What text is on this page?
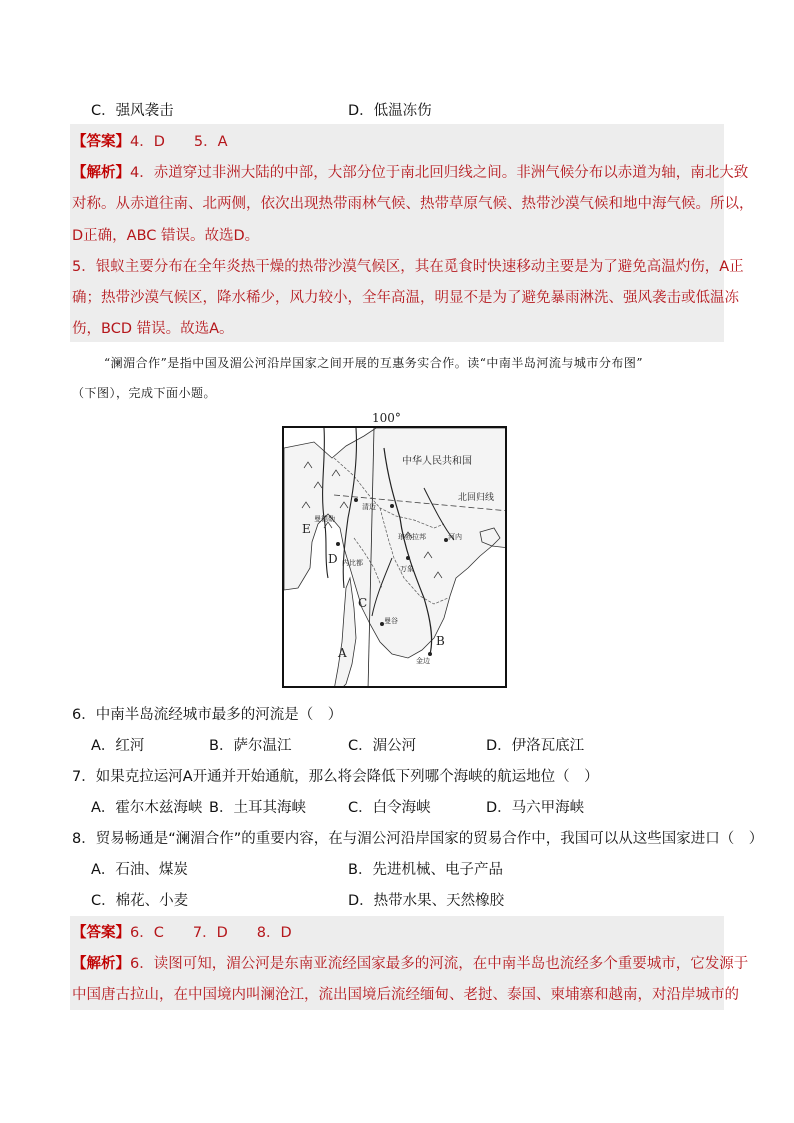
C．强风袭击	D．低温冻伤
【答案】4．D　　5．A
【解析】4．赤道穿过非洲大陆的中部，大部分位于南北回归线之间。非洲气候分布以赤道为轴，南北大致
对称。从赤道往南、北两侧，依次出现热带雨林气候、热带草原气候、热带沙漠气候和地中海气候。所以，
D正确，ABC 错误。故选D。
5．银蚁主要分布在全年炎热干燥的热带沙漠气候区，其在觅食时快速移动主要是为了避免高温灼伤，A正
确；热带沙漠气候区，降水稀少，风力较小，全年高温，明显不是为了避免暴雨淋洗、强风袭击或低温冻
伤，BCD 错误。故选A。
“澜湄合作”是指中国及湄公河沿岸国家之间开展的互惠务实合作。读“中南半岛河流与城市分布图”
（下图），完成下面小题。
100°
中华人民共和国
北回归线
清迈
琅勃拉邦
万象
河内
曼谷
金边
曼德勒
内比都
E
D
C
B
A
6．中南半岛流经城市最多的河流是（　）
A．红河	B．萨尔温江	C．湄公河	D．伊洛瓦底江
7．如果克拉运河A开通并开始通航，那么将会降低下列哪个海峡的航运地位（　）
A．霍尔木兹海峡 B．土耳其海峡	C．白令海峡	D．马六甲海峡
8．贸易畅通是“澜湄合作”的重要内容，在与湄公河沿岸国家的贸易合作中，我国可以从这些国家进口（　）
A．石油、煤炭	B．先进机械、电子产品
C．棉花、小麦	D．热带水果、天然橡胶
【答案】6．C　　7．D　　8．D
【解析】6．读图可知，湄公河是东南亚流经国家最多的河流，在中南半岛也流经多个重要城市，它发源于
中国唐古拉山，在中国境内叫澜沧江，流出国境后流经缅甸、老挝、泰国、柬埔寨和越南，对沿岸城市的
